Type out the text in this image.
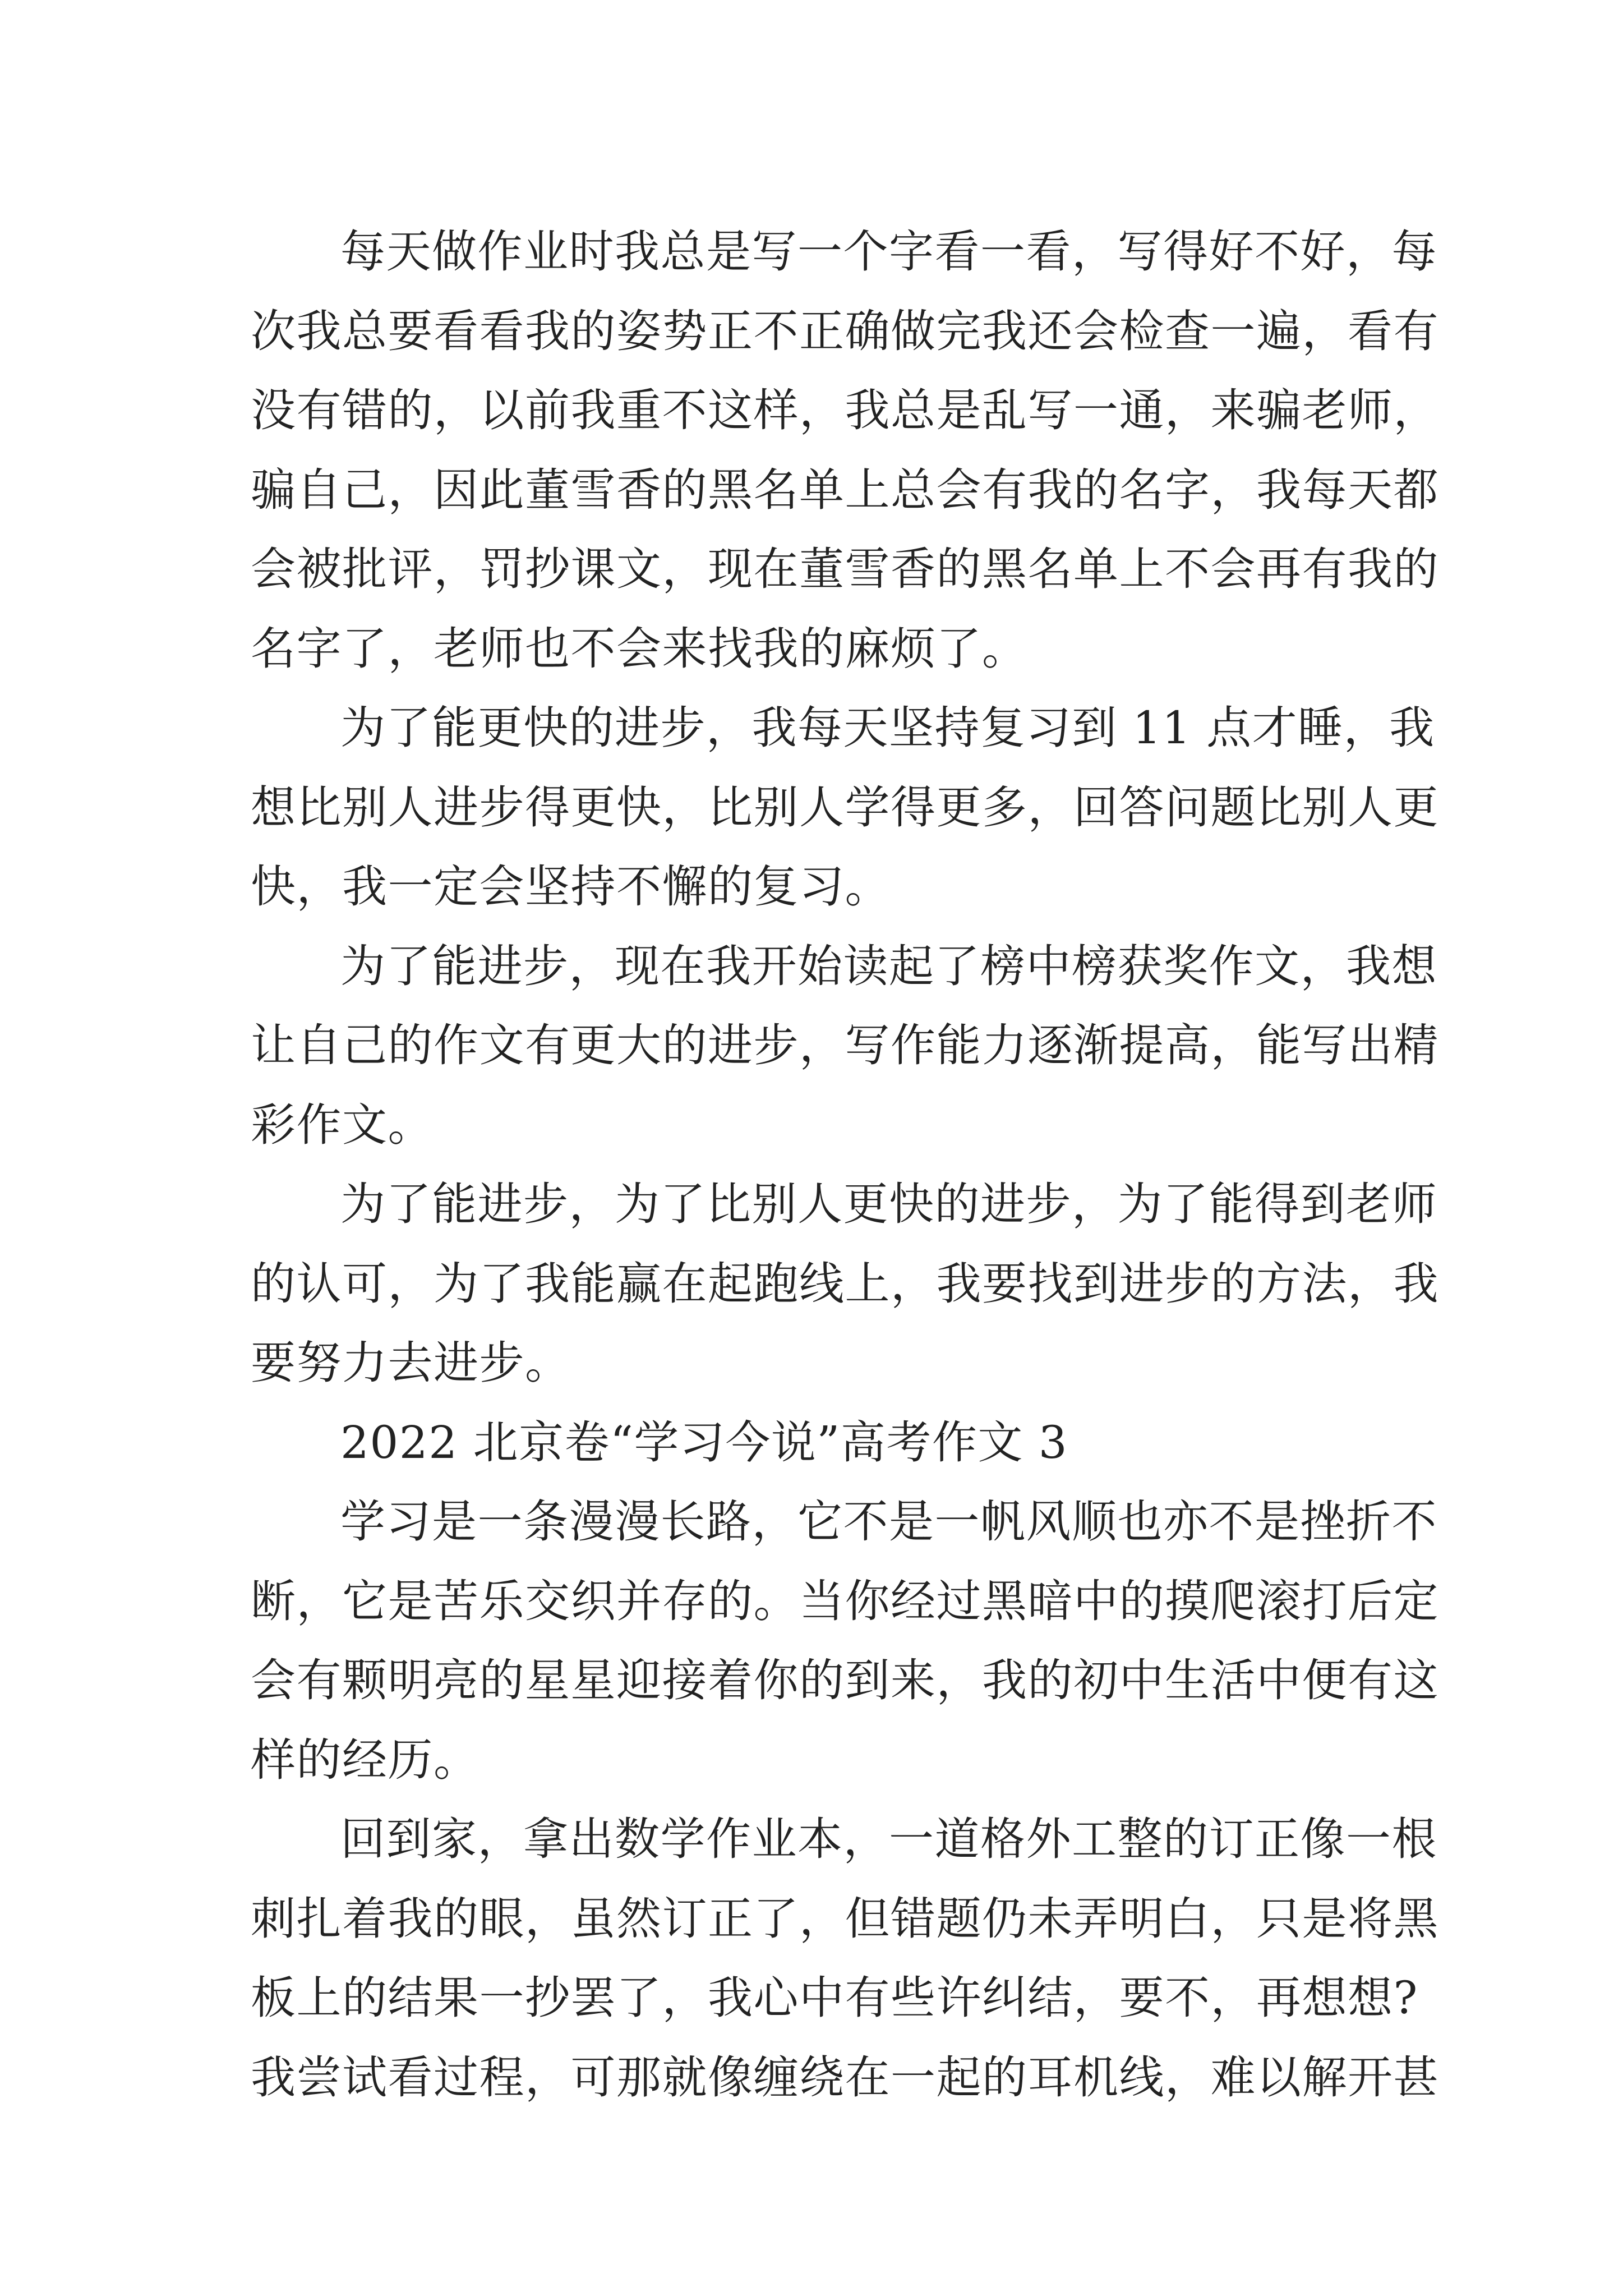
每天做作业时我总是写一个字看一看，写得好不好，每
次我总要看看我的姿势正不正确做完我还会检查一遍，看有
没有错的，以前我重不这样，我总是乱写一通，来骗老师，
骗自己，因此董雪香的黑名单上总会有我的名字，我每天都
会被批评，罚抄课文，现在董雪香的黑名单上不会再有我的
名字了，老师也不会来找我的麻烦了。
为了能更快的进步，我每天坚持复习到 11 点才睡，我
想比别人进步得更快，比别人学得更多，回答问题比别人更
快，我一定会坚持不懈的复习。
为了能进步，现在我开始读起了榜中榜获奖作文，我想
让自己的作文有更大的进步，写作能力逐渐提高，能写出精
彩作文。
为了能进步，为了比别人更快的进步，为了能得到老师
的认可，为了我能赢在起跑线上，我要找到进步的方法，我
要努力去进步。
2022 北京卷“学习今说”高考作文 3
学习是一条漫漫长路，它不是一帆风顺也亦不是挫折不
断，它是苦乐交织并存的。当你经过黑暗中的摸爬滚打后定
会有颗明亮的星星迎接着你的到来，我的初中生活中便有这
样的经历。
回到家，拿出数学作业本，一道格外工整的订正像一根
刺扎着我的眼，虽然订正了，但错题仍未弄明白，只是将黑
板上的结果一抄罢了，我心中有些许纠结，要不，再想想?
我尝试看过程，可那就像缠绕在一起的耳机线，难以解开甚
